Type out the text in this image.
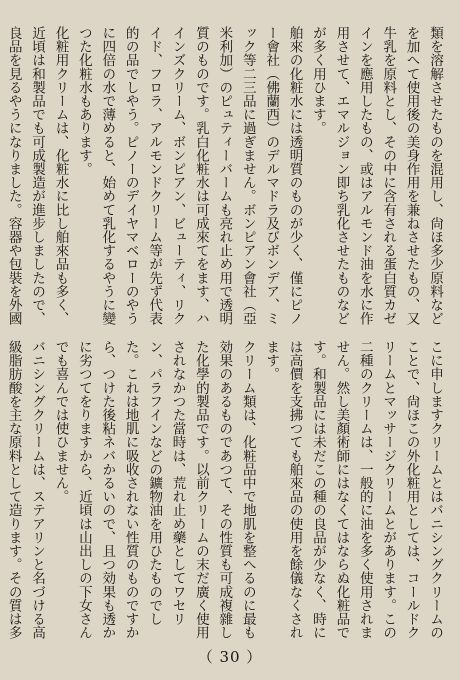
類を溶解させたものを混用し、尙ほ多少原料などを加へて使用後の美身作用を兼ねさせたもの、又牛乳を原料とし、その中に含有される蛋白質カゼインを應用したもの、或はアルモンド油を水に作用させて、エマルジョン即ち乳化させたものなどが多く用ひます。

舶來の化粧水には透明質のものが少く、僅にピノー會社（佛蘭西）のデルマドラ及びボンデア、ミック等二三品に過ぎません。ボンピアン會社（亞米利加）のピュティーバームも亮れ止め用で透明質のものです。乳白化粧水は可成來てをます、ハインズクリーム、ボンピアン、ビューティ、リクイド、フロラ、アルモンドクリーム等が先ず代表的の品でしやう。ピノーのデイヤマベローのやうに四倍の水で薄めると、始めて乳化するやうに變つた化粧水もあります。

化粧用クリームは、化粧水に比し舶來品も多く、近頃は和製品でも可成製造が進步しましたので、良品を見るやうになりました。容器や包裝を外國

こに申しますクリームとはバニシングクリームのことで、尙ほこの外化粧用としては、コールドクリームとマッサージクリームとがあります。この二種のクリームは、一般的に油を多く使用されません。然し美顏術師にはなくてはならぬ化粧品です。和製品には未だこの種の良品が少なく、時には高價を支拂つても舶來品の使用を餘儀なくされます。

クリーム類は、化粧品中で地肌を整へるのに最も効果のあるものであつて、その性質も可成複雜した化學的製品です。以前クリームの末だ廣く使用されなかつた當時は、荒れ止め藥としてワセリン、パラフインなどの鑛物油を用ひたものでした。これは地肌に吸收されない性質のものですから、つけた後粘ネバかるいので、且つ効果も透かに劣つてをりますから、近頃は山出しの下女さんでも喜んでは使ひません。

バニシングクリームは、ステアリンと名づける高級脂肪酸を主な原料として造ります。その質は多

（ 30 ）
